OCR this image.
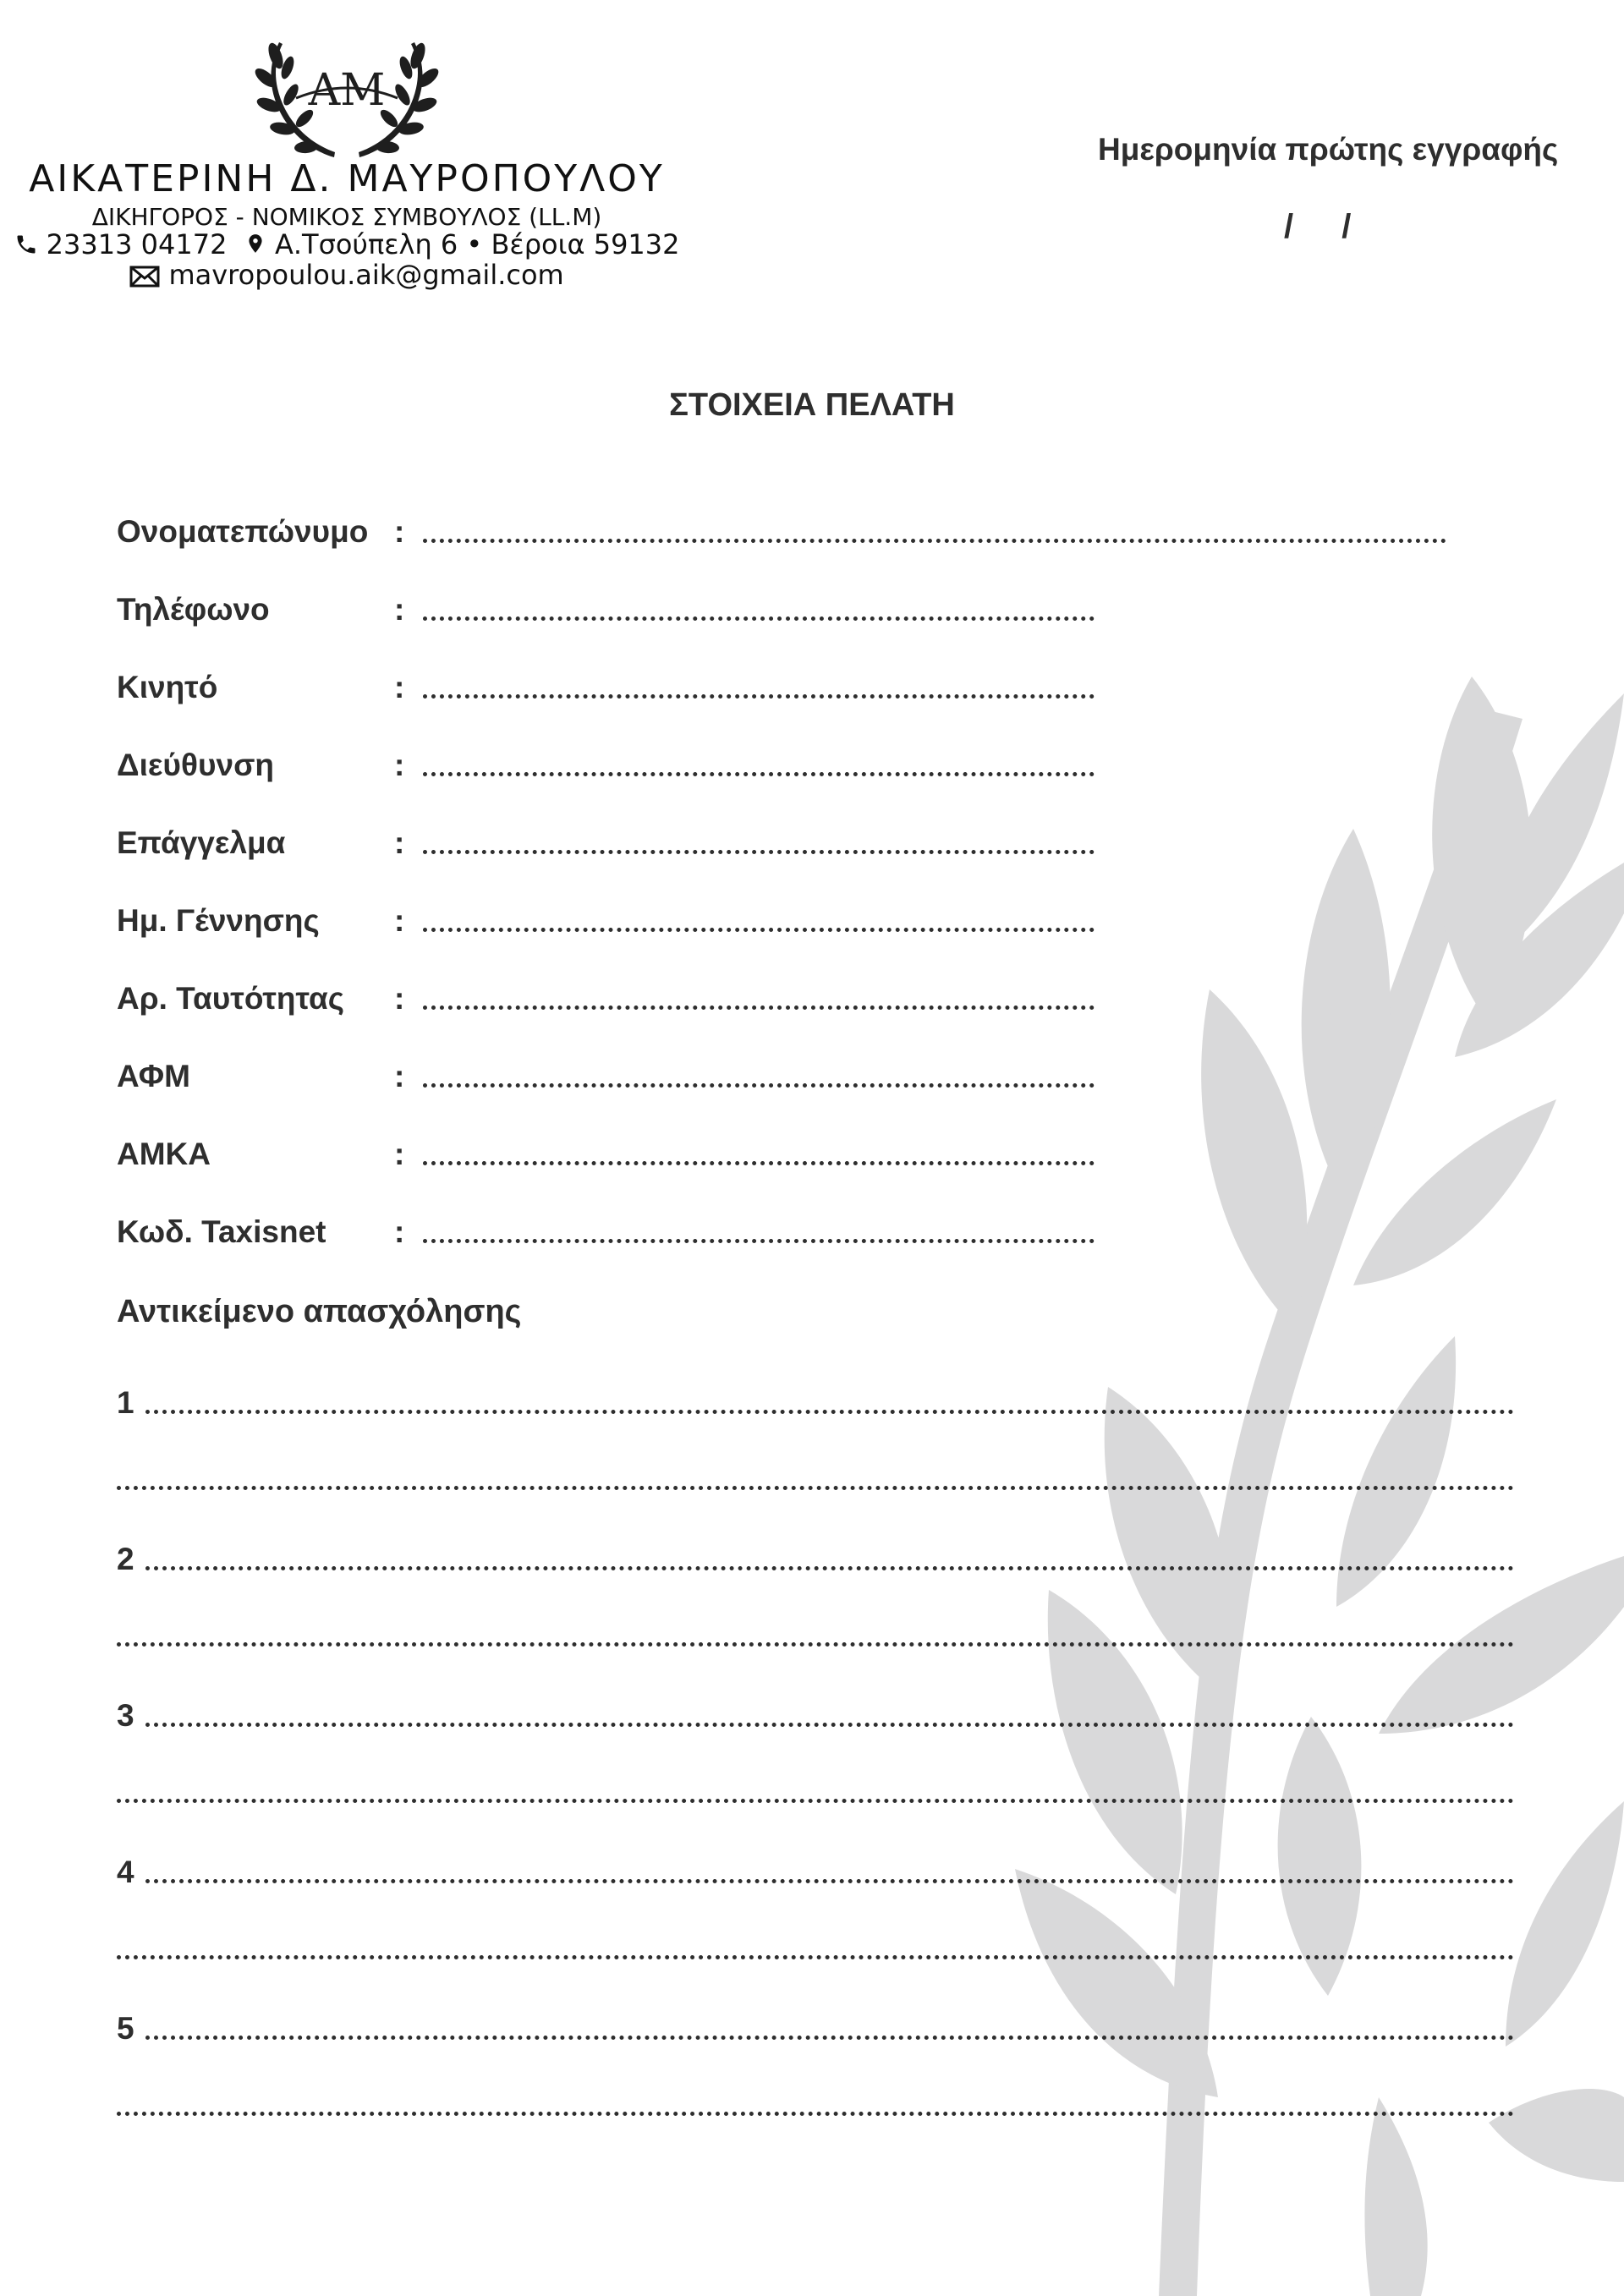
AM
ΑΙΚΑΤΕΡΙΝΗ Δ. ΜΑΥΡΟΠΟΥΛΟΥ
ΔΙΚΗΓΟΡΟΣ - ΝΟΜΙΚΟΣ ΣΥΜΒΟΥΛΟΣ (LL.M)
23313 04172 Α.Τσούπελη 6 • Βέροια 59132
mavropoulou.aik@gmail.com
Ημερομηνία πρώτης εγγραφής
/ /
ΣΤΟΙΧΕΙΑ ΠΕΛΑΤΗ
Ονοματεπώνυμο :
Τηλέφωνο	:
Κινητό	:
Διεύθυνση	:
Επάγγελμα	:
Ημ. Γέννησης	:
Αρ. Ταυτότητας	:
ΑΦΜ	:
ΑΜΚΑ	:
Κωδ. Taxisnet	:
Αντικείμενο απασχόλησης
1
2
3
4
5
